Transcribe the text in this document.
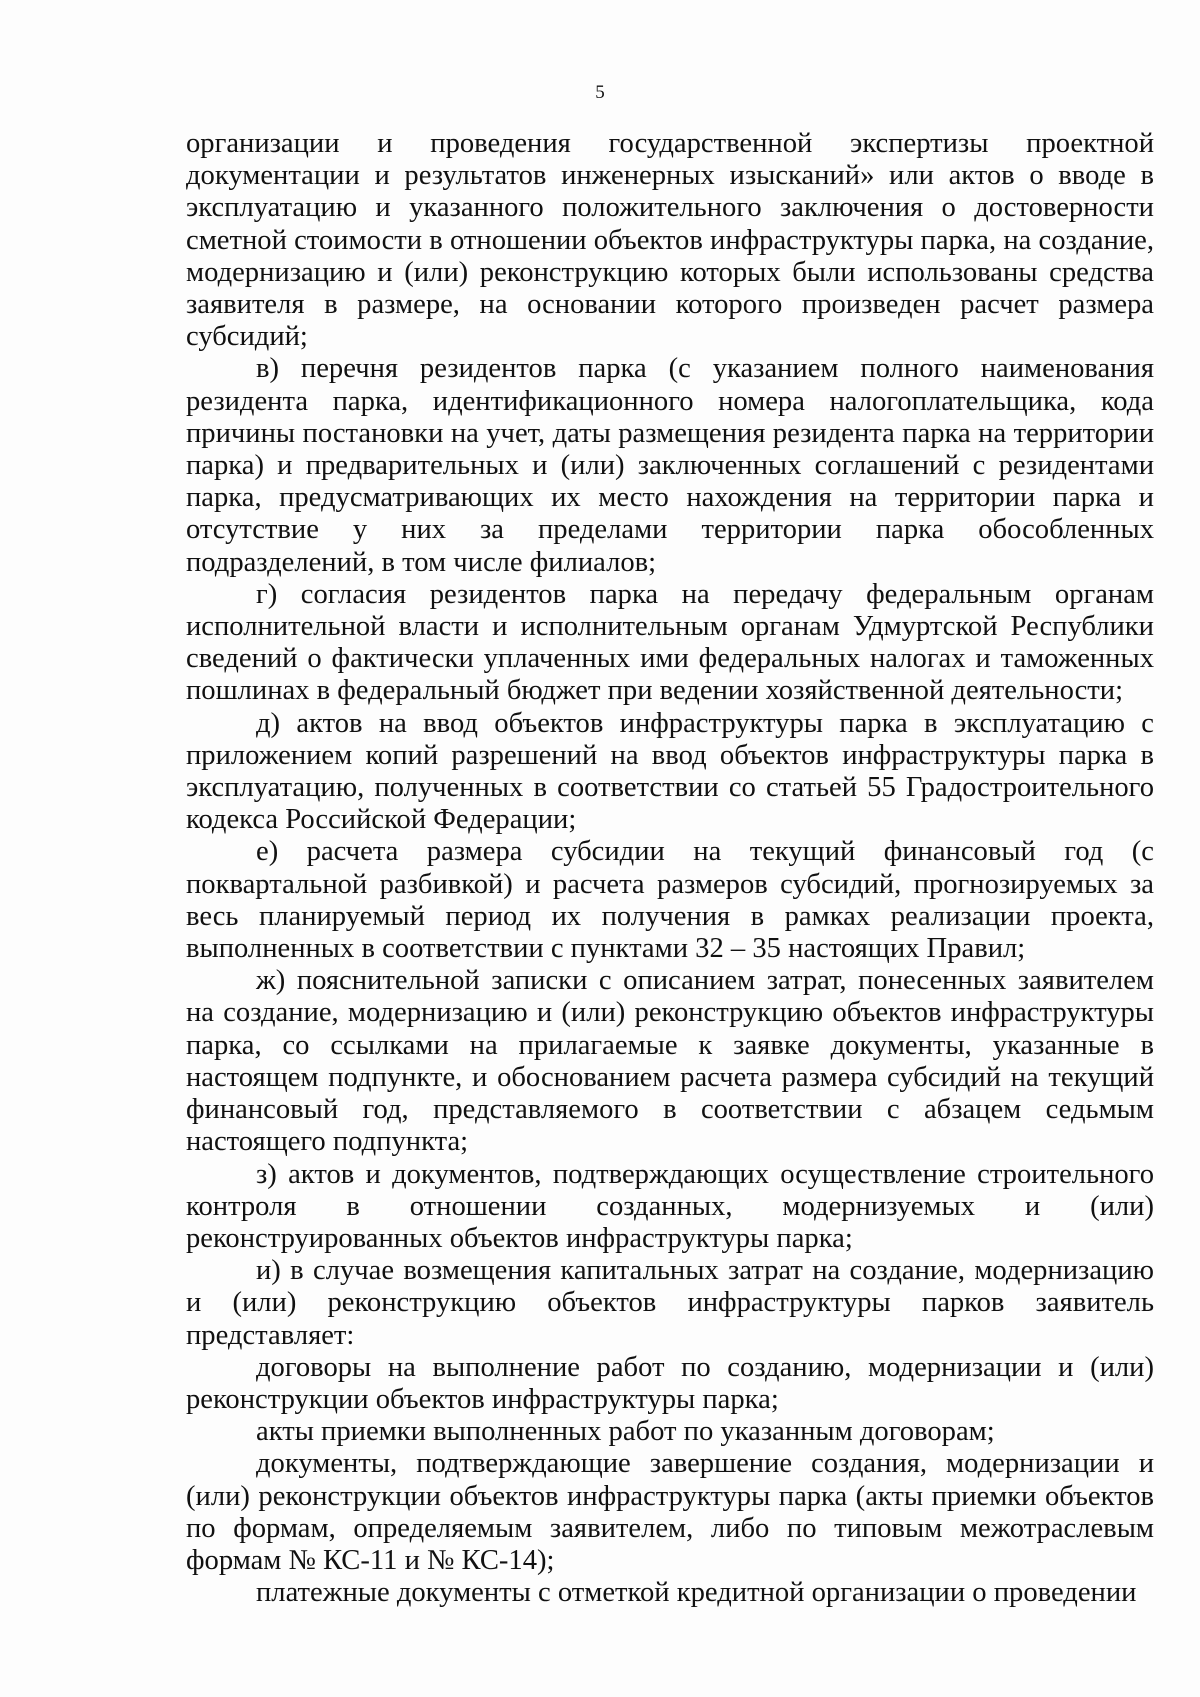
5

организации и проведения государственной экспертизы проектной документации и результатов инженерных изысканий» или актов о вводе в эксплуатацию и указанного положительного заключения о достоверности сметной стоимости в отношении объектов инфраструктуры парка, на создание, модернизацию и (или) реконструкцию которых были использованы средства заявителя в размере, на основании которого произведен расчет размера субсидий;

в) перечня резидентов парка (с указанием полного наименования резидента парка, идентификационного номера налогоплательщика, кода причины постановки на учет, даты размещения резидента парка на территории парка) и предварительных и (или) заключенных соглашений с резидентами парка, предусматривающих их место нахождения на территории парка и отсутствие у них за пределами территории парка обособленных подразделений, в том числе филиалов;

г) согласия резидентов парка на передачу федеральным органам исполнительной власти и исполнительным органам Удмуртской Республики сведений о фактически уплаченных ими федеральных налогах и таможенных пошлинах в федеральный бюджет при ведении хозяйственной деятельности;

д) актов на ввод объектов инфраструктуры парка в эксплуатацию с приложением копий разрешений на ввод объектов инфраструктуры парка в эксплуатацию, полученных в соответствии со статьей 55 Градостроительного кодекса Российской Федерации;

е) расчета размера субсидии на текущий финансовый год (с поквартальной разбивкой) и расчета размеров субсидий, прогнозируемых за весь планируемый период их получения в рамках реализации проекта, выполненных в соответствии с пунктами 32 – 35 настоящих Правил;

ж) пояснительной записки с описанием затрат, понесенных заявителем на создание, модернизацию и (или) реконструкцию объектов инфраструктуры парка, со ссылками на прилагаемые к заявке документы, указанные в настоящем подпункте, и обоснованием расчета размера субсидий на текущий финансовый год, представляемого в соответствии с абзацем седьмым настоящего подпункта;

з) актов и документов, подтверждающих осуществление строительного контроля в отношении созданных, модернизуемых и (или) реконструированных объектов инфраструктуры парка;

и) в случае возмещения капитальных затрат на создание, модернизацию и (или) реконструкцию объектов инфраструктуры парков заявитель представляет:

договоры на выполнение работ по созданию, модернизации и (или) реконструкции объектов инфраструктуры парка;

акты приемки выполненных работ по указанным договорам;

документы, подтверждающие завершение создания, модернизации и (или) реконструкции объектов инфраструктуры парка (акты приемки объектов по формам, определяемым заявителем, либо по типовым межотраслевым формам № КС-11 и № КС-14);

платежные документы с отметкой кредитной организации о проведении
